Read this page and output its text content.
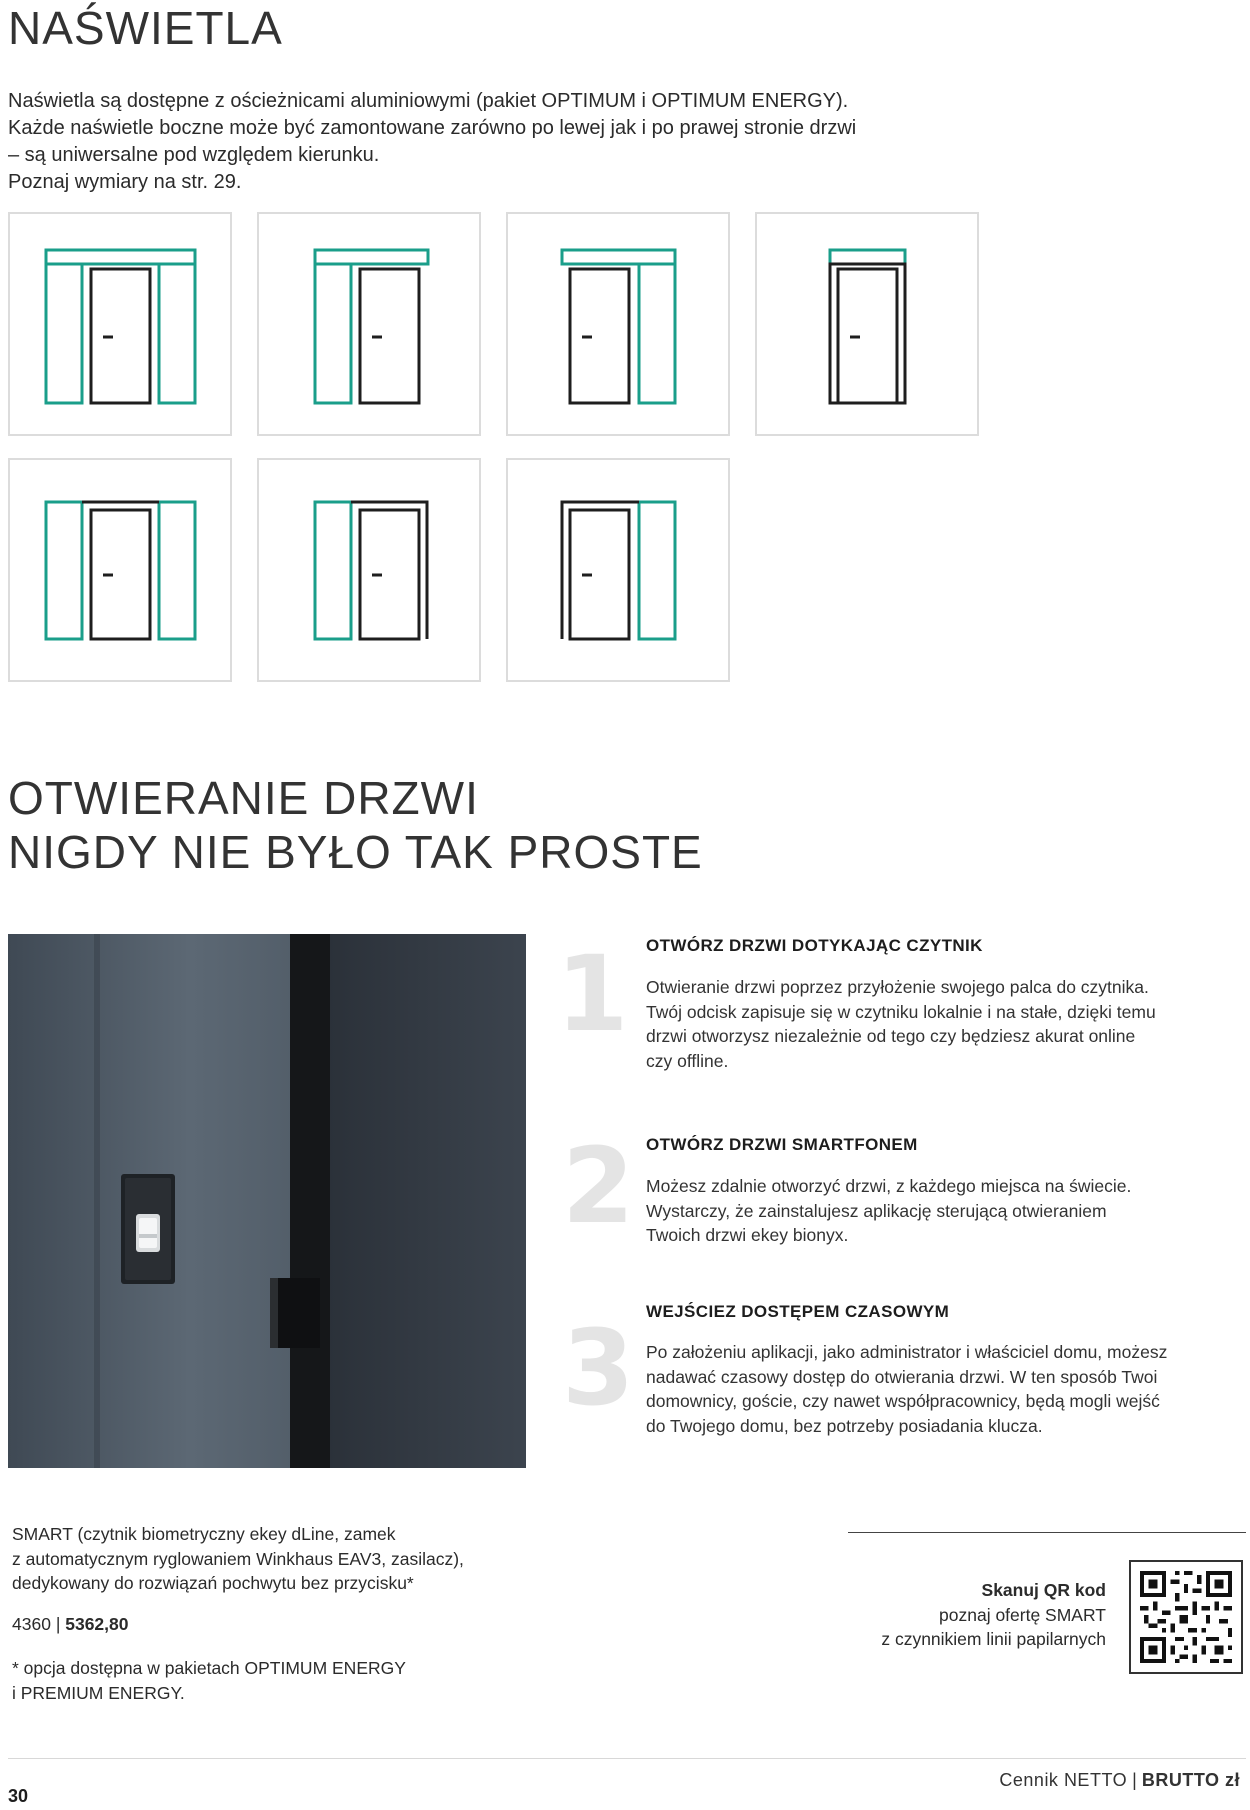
NAŚWIETLA

Naświetla są dostępne z ościeżnicami aluminiowymi (pakiet OPTIMUM i OPTIMUM ENERGY).

Każde naświetle boczne może być zamontowane zarówno po lewej jak i po prawej stronie drzwi

– są uniwersalne pod względem kierunku.

Poznaj wymiary na str. 29.

OTWIERANIE DRZWI
NIGDY NIE BYŁO TAK PROSTE
1 OTWÓRZ DRZWI DOTYKAJĄC CZYTNIK
Otwieranie drzwi poprzez przyłożenie swojego palca do czytnika.
Twój odcisk zapisuje się w czytniku lokalnie i na stałe, dzięki temu
drzwi otworzysz niezależnie od tego czy będziesz akurat online
czy offline.
2 OTWÓRZ DRZWI SMARTFONEM
Możesz zdalnie otworzyć drzwi, z każdego miejsca na świecie.
Wystarczy, że zainstalujesz aplikację sterującą otwieraniem
Twoich drzwi ekey bionyx.
3 WEJŚCIEZ DOSTĘPEM CZASOWYM
Po założeniu aplikacji, jako administrator i właściciel domu, możesz
nadawać czasowy dostęp do otwierania drzwi. W ten sposób Twoi
domownicy, goście, czy nawet współpracownicy, będą mogli wejść
do Twojego domu, bez potrzeby posiadania klucza.

SMART (czytnik biometryczny ekey dLine, zamek

z automatycznym ryglowaniem Winkhaus EAV3, zasilacz),

dedykowany do rozwiązań pochwytu bez przycisku*

4360 | 5362,80

* opcja dostępna w pakietach OPTIMUM ENERGY

i PREMIUM ENERGY.

Skanuj QR kod

poznaj ofertę SMART

z czynnikiem linii papilarnych

30
Cennik NETTO | BRUTTO zł
